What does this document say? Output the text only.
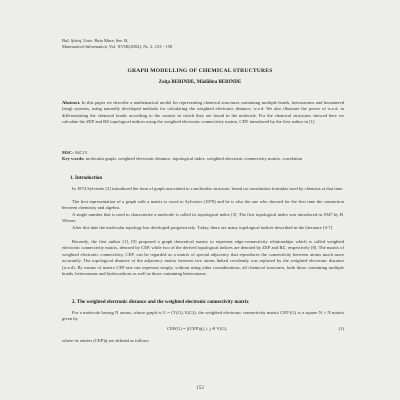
Bul. Ştiinţ. Univ. Baia Mare, Ser. B,
Matematică-Informatică, Vol. XVIII(2002), Nr. 2, 153 - 158
GRAPH MODELLING OF CHEMICAL STRUCTURES
Zoiţa BERINDE, Mădălina BERINDE
Abstract. In this paper we describe a mathematical model for representing chemical structures containing multiple bonds, heteroatoms and hexamered (ring) systems, using naturally developed methods for calculating the weighted electronic distance, w.e.d. We also illustrate the power of w.e.d. in differentiating the chemical bonds according to the context in which they are found in the molecule. For the chemical structures showed here we calculate the ZEP and RZ topological indices using the weighted electronic connectivity matrix, CEP, introduced by the first author in [1].
MSC: 94C15
Key words: molecular graph, weighted electronic distance, topological index, weighted electronic connectivity matrix, correlation
1. Introduction
In 1874 Sylvester [2] introduced the term of graph associated to a molecular structure, based on constitution formulas used by chemists at that time.
The first representation of a graph with a matrix is owed to Sylvester (1878) and he is also the one who showed for the first time the connection between chemistry and algebra.
A single number that is used to characterize a molecule is called its topological index [3]. The first topological index was introduced in 1947 by H. Wiener.
After this date the molecular topology has developed progressively. Today, there are many topological indices described in the literature [4-7].
Recently, the first author [1], [9] proposed a graph theoretical matrix to represent edge-connectivity relationships which is called weighted electronic connectivity matrix, denoted by CEP, while two of the derived topological indices are denoted by ZEP and RZ, respectively [8]. The matrix of weighted electronic connectivity, CEP, can be regarded as a matrix of special adjacency that reproduces the connectivity between atoms much more accurately. The topological distance of the adjacency matrix between two atoms linked covalently was replaced by the weighted electronic distance (w.e.d). By means of matrix CEP one can represent simply, without using other considerations, all chemical structures, both those containing multiple bonds, heteroatoms and hydrocarbons as well as those containing heteroatoms.
2. The weighted electronic distance and the weighted electronic connectivity matrix
For a molecule having N atoms, whose graph is G = (V(G), E(G)), the weighted electronic connectivity matrix CEP (G) is a square N × N matrix given by
CEP(G) = [(CEP)ij], i, j ∈ V(G),	(1)
where its entries (CEP)ij are defined as follows
153
